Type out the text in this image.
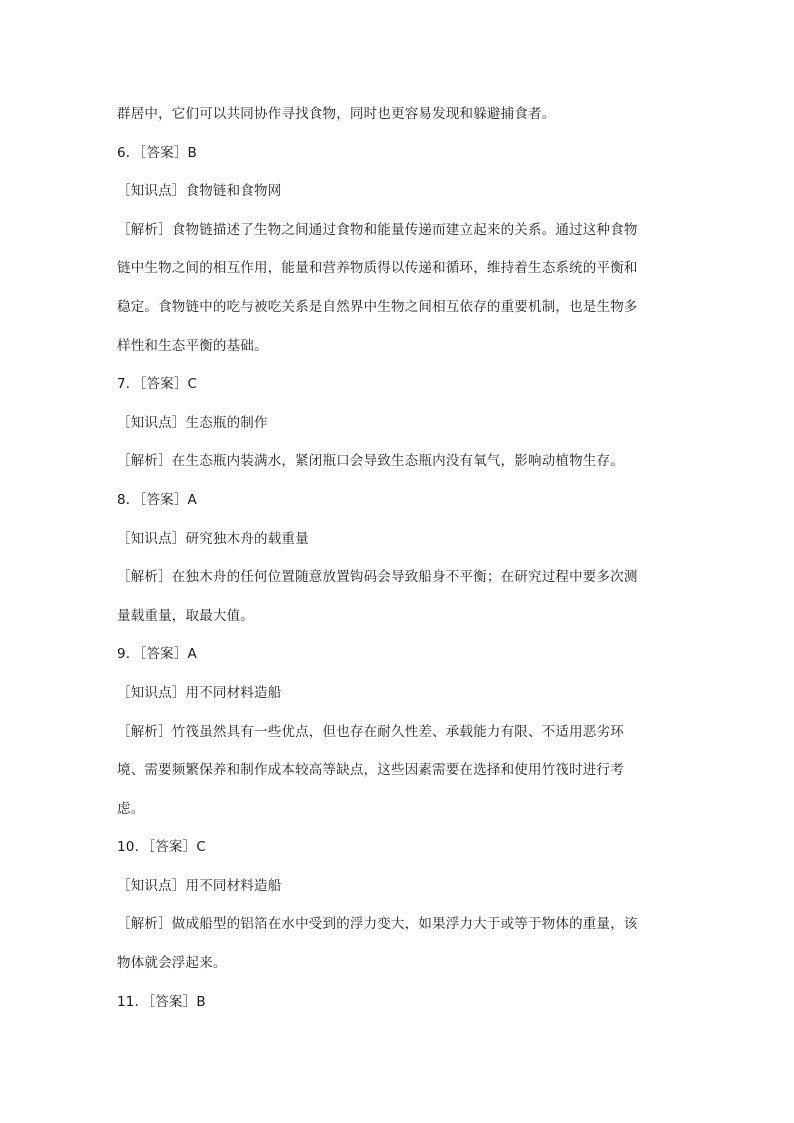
群居中，它们可以共同协作寻找食物，同时也更容易发现和躲避捕食者。
6．［答案］B
［知识点］食物链和食物网
［解析］食物链描述了生物之间通过食物和能量传递而建立起来的关系。通过这种食物
链中生物之间的相互作用，能量和营养物质得以传递和循环，维持着生态系统的平衡和
稳定。食物链中的吃与被吃关系是自然界中生物之间相互依存的重要机制，也是生物多
样性和生态平衡的基础。
7．［答案］C
［知识点］生态瓶的制作
［解析］在生态瓶内装满水，紧闭瓶口会导致生态瓶内没有氧气，影响动植物生存。
8．［答案］A
［知识点］研究独木舟的载重量
［解析］在独木舟的任何位置随意放置钩码会导致船身不平衡；在研究过程中要多次测
量载重量，取最大值。
9．［答案］A
［知识点］用不同材料造船
［解析］竹筏虽然具有一些优点，但也存在耐久性差、承载能力有限、不适用恶劣环
境、需要频繁保养和制作成本较高等缺点，这些因素需要在选择和使用竹筏时进行考
虑。
10．［答案］C
［知识点］用不同材料造船
［解析］做成船型的铝箔在水中受到的浮力变大，如果浮力大于或等于物体的重量，该
物体就会浮起来。
11．［答案］B
